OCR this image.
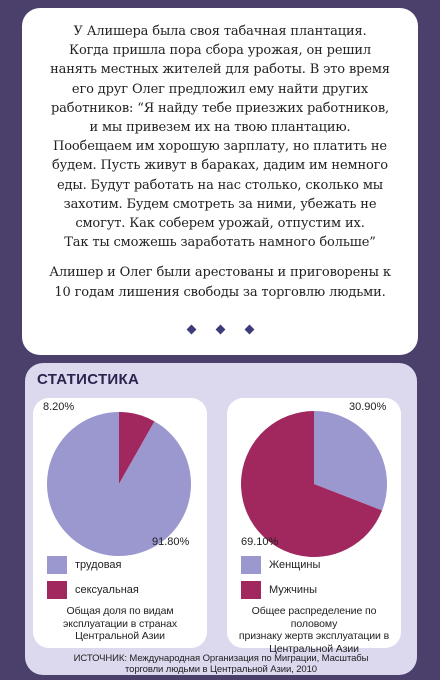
У Алишера была своя табачная плантация.

Когда пришла пора сбора урожая, он решил

нанять местных жителей для работы. В это время

его друг Олег предложил ему найти других

работников: “Я найду тебе приезжих работников,

и мы привезем их на твою плантацию.

Пообещаем им хорошую зарплату, но платить не

будем. Пусть живут в бараках, дадим им немного

еды. Будут работать на нас столько, сколько мы

захотим. Будем смотреть за ними, убежать не

смогут. Как соберем урожай, отпустим их.

Так ты сможешь заработать намного больше”

Алишер и Олег были арестованы и приговорены к

10 годам лишения свободы за торговлю людьми.

СТАТИСТИКА
8.20%
91.80%
трудовая
сексуальная
Общая доля по видам
эксплуатации в странах
Центральной Азии
30.90%
69.10%
Женщины
Мужчины
Общее распределение по половому
признаку жертв эксплуатации в
Центральной Азии
ИСТОЧНИК: Международная Организация по Миграции, Масштабы
торговли людьми в Центральной Азии, 2010
